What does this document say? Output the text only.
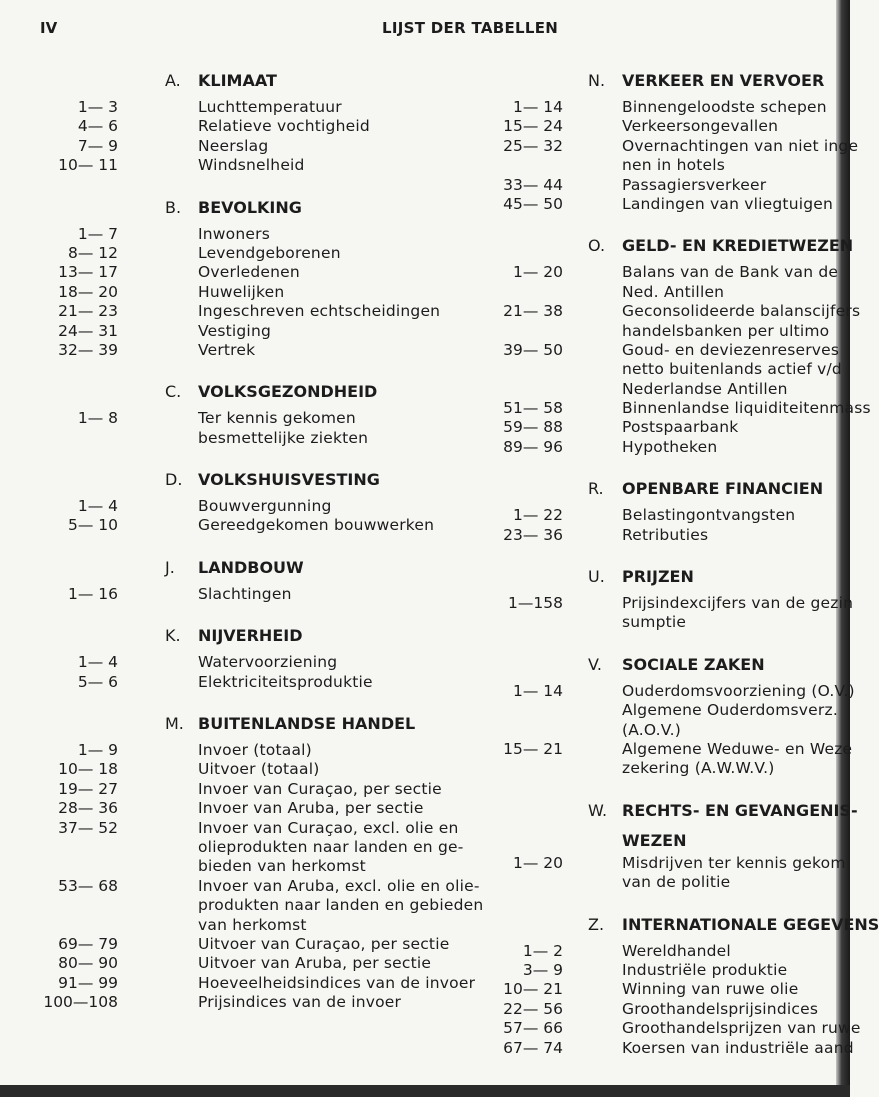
IV	LIJST DER TABELLEN
A. KLIMAAT
1— 3	Luchttemperatuur
4— 6	Relatieve vochtigheid
7— 9	Neerslag
10— 11	Windsnelheid
B. BEVOLKING
1— 7	Inwoners
8— 12	Levendgeborenen
13— 17	Overledenen
18— 20	Huwelijken
21— 23	Ingeschreven echtscheidingen
24— 31	Vestiging
32— 39	Vertrek
C. VOLKSGEZONDHEID
1— 8	Ter kennis gekomen
besmettelijke ziekten
D. VOLKSHUISVESTING
1— 4	Bouwvergunning
5— 10	Gereedgekomen bouwwerken
J. LANDBOUW
1— 16	Slachtingen
K. NIJVERHEID
1— 4	Watervoorziening
5— 6	Elektriciteitsproduktie
M. BUITENLANDSE HANDEL
1— 9	Invoer (totaal)
10— 18	Uitvoer (totaal)
19— 27	Invoer van Curaçao, per sectie
28— 36	Invoer van Aruba, per sectie
37— 52	Invoer van Curaçao, excl. olie en
olieprodukten naar landen en ge-
bieden van herkomst
53— 68	Invoer van Aruba, excl. olie en olie-
produkten naar landen en gebieden
van herkomst
69— 79	Uitvoer van Curaçao, per sectie
80— 90	Uitvoer van Aruba, per sectie
91— 99	Hoeveelheidsindices van de invoer
100—108	Prijsindices van de invoer
N. VERKEER EN VERVOER
1— 14	Binnengeloodste schepen
15— 24	Verkeersongevallen
25— 32	Overnachtingen van niet inge
nen in hotels
33— 44	Passagiersverkeer
45— 50	Landingen van vliegtuigen
O. GELD- EN KREDIETWEZEN
1— 20	Balans van de Bank van de
Ned. Antillen
21— 38	Geconsolideerde balanscijfers
handelsbanken per ultimo
39— 50	Goud- en deviezenreserves
netto buitenlands actief v/d
Nederlandse Antillen
51— 58	Binnenlandse liquiditeitenmass
59— 88	Postspaarbank
89— 96	Hypotheken
R. OPENBARE FINANCIEN
1— 22	Belastingontvangsten
23— 36	Retributies
U. PRIJZEN
1—158	Prijsindexcijfers van de gezin
sumptie
V. SOCIALE ZAKEN
1— 14	Ouderdomsvoorziening (O.V.)
Algemene Ouderdomsverz.
(A.O.V.)
15— 21	Algemene Weduwe- en Weze
zekering (A.W.W.V.)
W. RECHTS- EN GEVANGENIS-
WEZEN
1— 20	Misdrijven ter kennis gekom
van de politie
Z. INTERNATIONALE GEGEVENS
1— 2	Wereldhandel
3— 9	Industriële produktie
10— 21	Winning van ruwe olie
22— 56	Groothandelsprijsindices
57— 66	Groothandelsprijzen van ruwe
67— 74	Koersen van industriële aand
